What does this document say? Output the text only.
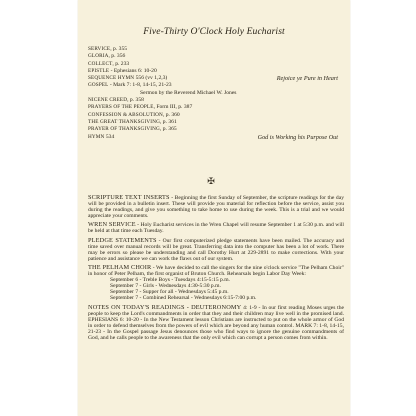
Five-Thirty O'Clock Holy Eucharist
SERVICE, p. 355
GLORIA, p. 356
COLLECT, p. 233
EPISTLE - Ephesians 6: 10-20
SEQUENCE HYMN 556 (vv 1,2,3)	Rejoice ye Pure in Heart
GOSPEL - Mark 7: 1-8, 14-15, 21-23
Sermon by the Reverend Michael W. Jones
NICENE CREED, p. 358
PRAYERS OF THE PEOPLE, Form III, p. 387
CONFESSION & ABSOLUTION, p. 360
THE GREAT THANKSGIVING, p. 361
PRAYER OF THANKSGIVING, p. 365
HYMN 534	God is Working his Purpose Out
✠

SCRIPTURE TEXT INSERTS - Beginning the first Sunday of September, the scripture readings for the day will be provided in a bulletin insert. These will provide you material for reflection before the service, assist you during the readings, and give you something to take home to use during the week. This is a trial and we would appreciate your comments.

WREN SERVICE - Holy Eucharist services in the Wren Chapel will resume September 1 at 5:30 p.m. and will be held at that time each Tuesday.

PLEDGE STATEMENTS - Our first computerized pledge statements have been mailed. The accuracy and time saved over manual records will be great. Transferring data into the computer has been a lot of work. There may be errors so please be understanding and call Dorothy Hurt at 229-2891 to make corrections. With your patience and assistance we can work the flaws out of our system.

THE PELHAM CHOIR - We have decided to call the singers for the nine o'clock service "The Pelham Choir" in honor of Peter Pelham, the first organist of Bruton Church. Rehearsals begin Labor Day Week:

September 6 - Treble Boys - Tuesdays 4:15-5:15 p.m.
September 7 - Girls - Wednesdays 4:30-5:30 p.m.
September 7 - Supper for all - Wednesdays 5:45 p.m.
September 7 - Combined Rehearsal - Wednesdays 6:15-7:00 p.m.

NOTES ON TODAY'S READINGS - DEUTERONOMY 4: 1-9 - In our first reading Moses urges the people to keep the Lord's commandments in order that they and their children may live well in the promised land. EPHESIANS 6: 10-20 - In the New Testament lesson Christians are instructed to put on the whole armor of God in order to defend themselves from the powers of evil which are beyond any human control. MARK 7: 1-8, 14-15, 21-23 - In the Gospel passage Jesus denounces those who find ways to ignore the genuine commandments of God, and he calls people to the awareness that the only evil which can corrupt a person comes from within.
